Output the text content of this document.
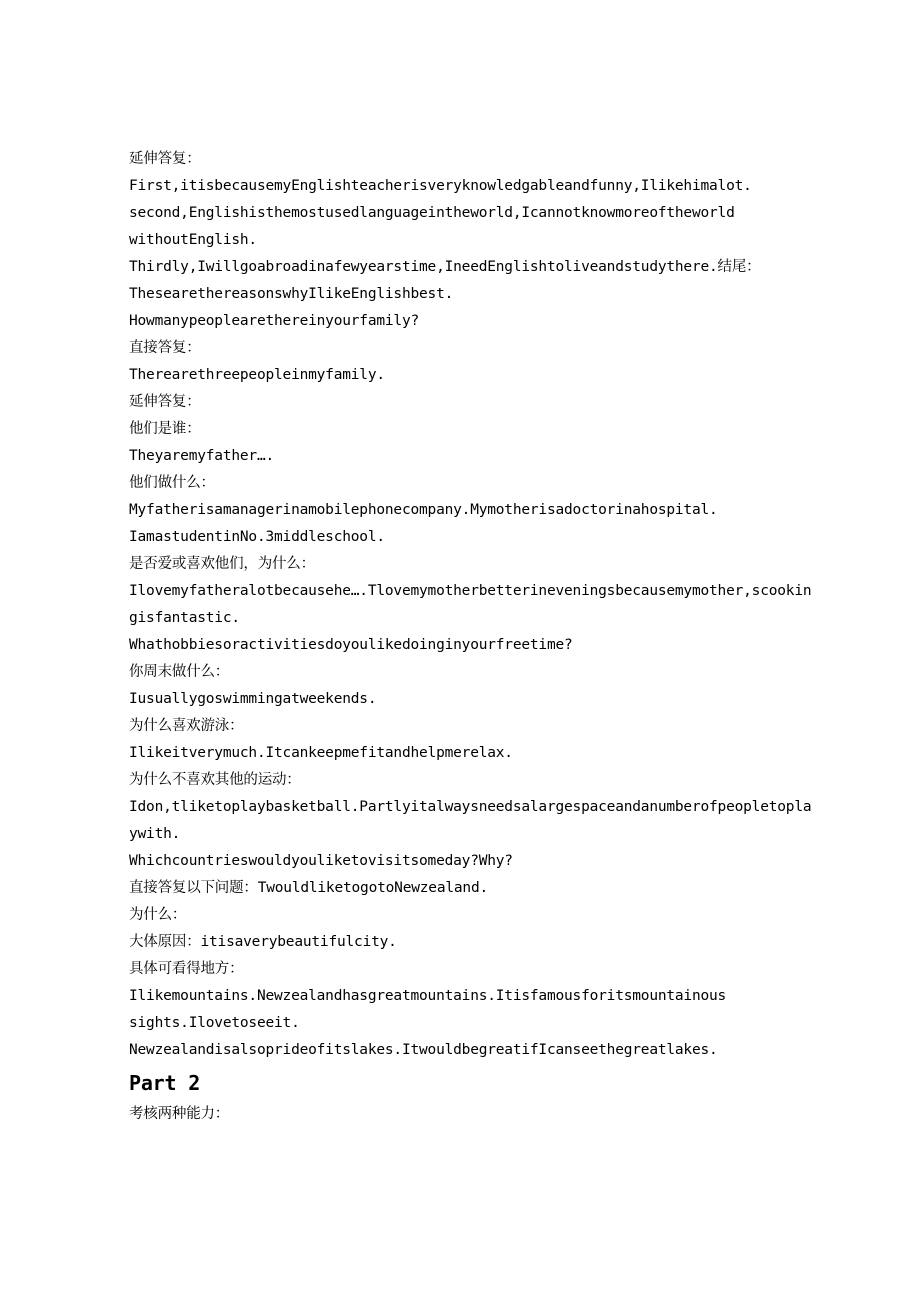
延伸答复：

First,itisbecausemyEnglishteacherisveryknowledgableandfunny,Ilikehimalot.

second,Englishisthemostusedlanguageintheworld,Icannotknowmoreoftheworld

withoutEnglish.

Thirdly,Iwillgoabroadinafewyearstime,IneedEnglishtoliveandstudythere.结尾：

ThesearethereasonswhyIlikeEnglishbest.

Howmanypeoplearethereinyourfamily?

直接答复：

Therearethreepeopleinmyfamily.

延伸答复：

他们是谁：

Theyaremyfather….

他们做什么：

Myfatherisamanagerinamobilephonecompany.Mymotherisadoctorinahospital.

IamastudentinNo.3middleschool.

是否爱或喜欢他们，为什么：

Ilovemyfatheralotbecausehe….Tlovemymotherbetterineveningsbecausemymother,scookingisfantastic.

Whathobbiesoractivitiesdoyoulikedoinginyourfreetime?

你周末做什么：

Iusuallygoswimmingatweekends.

为什么喜欢游泳：

Ilikeitverymuch.Itcankeepmefitandhelpmerelax.

为什么不喜欢其他的运动：

Idon,tliketoplaybasketball.Partlyitalwaysneedsalargespaceandanumberofpeopletoplaywith.

Whichcountrieswouldyouliketovisitsomeday?Why?

直接答复以下问题：TwouldliketogotoNewzealand.

为什么：

大体原因：itisaverybeautifulcity.

具体可看得地方：

Ilikemountains.Newzealandhasgreatmountains.Itisfamousforitsmountainous

sights.Ilovetoseeit.

Newzealandisalsoprideofitslakes.ItwouldbegreatifIcanseethegreatlakes.

Part 2

考核两种能力：
